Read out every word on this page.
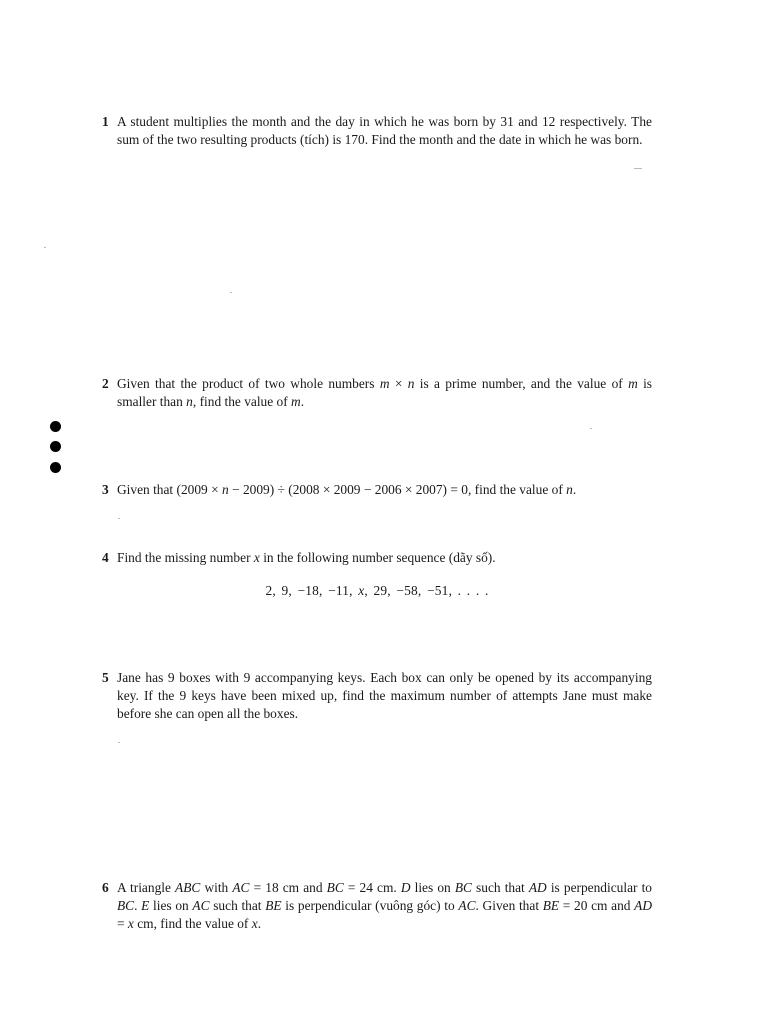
1 A student multiplies the month and the day in which he was born by 31 and 12 respectively. The sum of the two resulting products (tích) is 170. Find the month and the date in which he was born.
2 Given that the product of two whole numbers m × n is a prime number, and the value of m is smaller than n, find the value of m.
3 Given that (2009 × n − 2009) ÷ (2008 × 2009 − 2006 × 2007) = 0, find the value of n.
4 Find the missing number x in the following number sequence (dãy số).
2, 9, −18, −11, x, 29, −58, −51, . . . .
5 Jane has 9 boxes with 9 accompanying keys. Each box can only be opened by its accompanying key. If the 9 keys have been mixed up, find the maximum number of attempts Jane must make before she can open all the boxes.
6 A triangle ABC with AC = 18 cm and BC = 24 cm. D lies on BC such that AD is perpendicular to BC. E lies on AC such that BE is perpendicular (vuông góc) to AC. Given that BE = 20 cm and AD = x cm, find the value of x.
